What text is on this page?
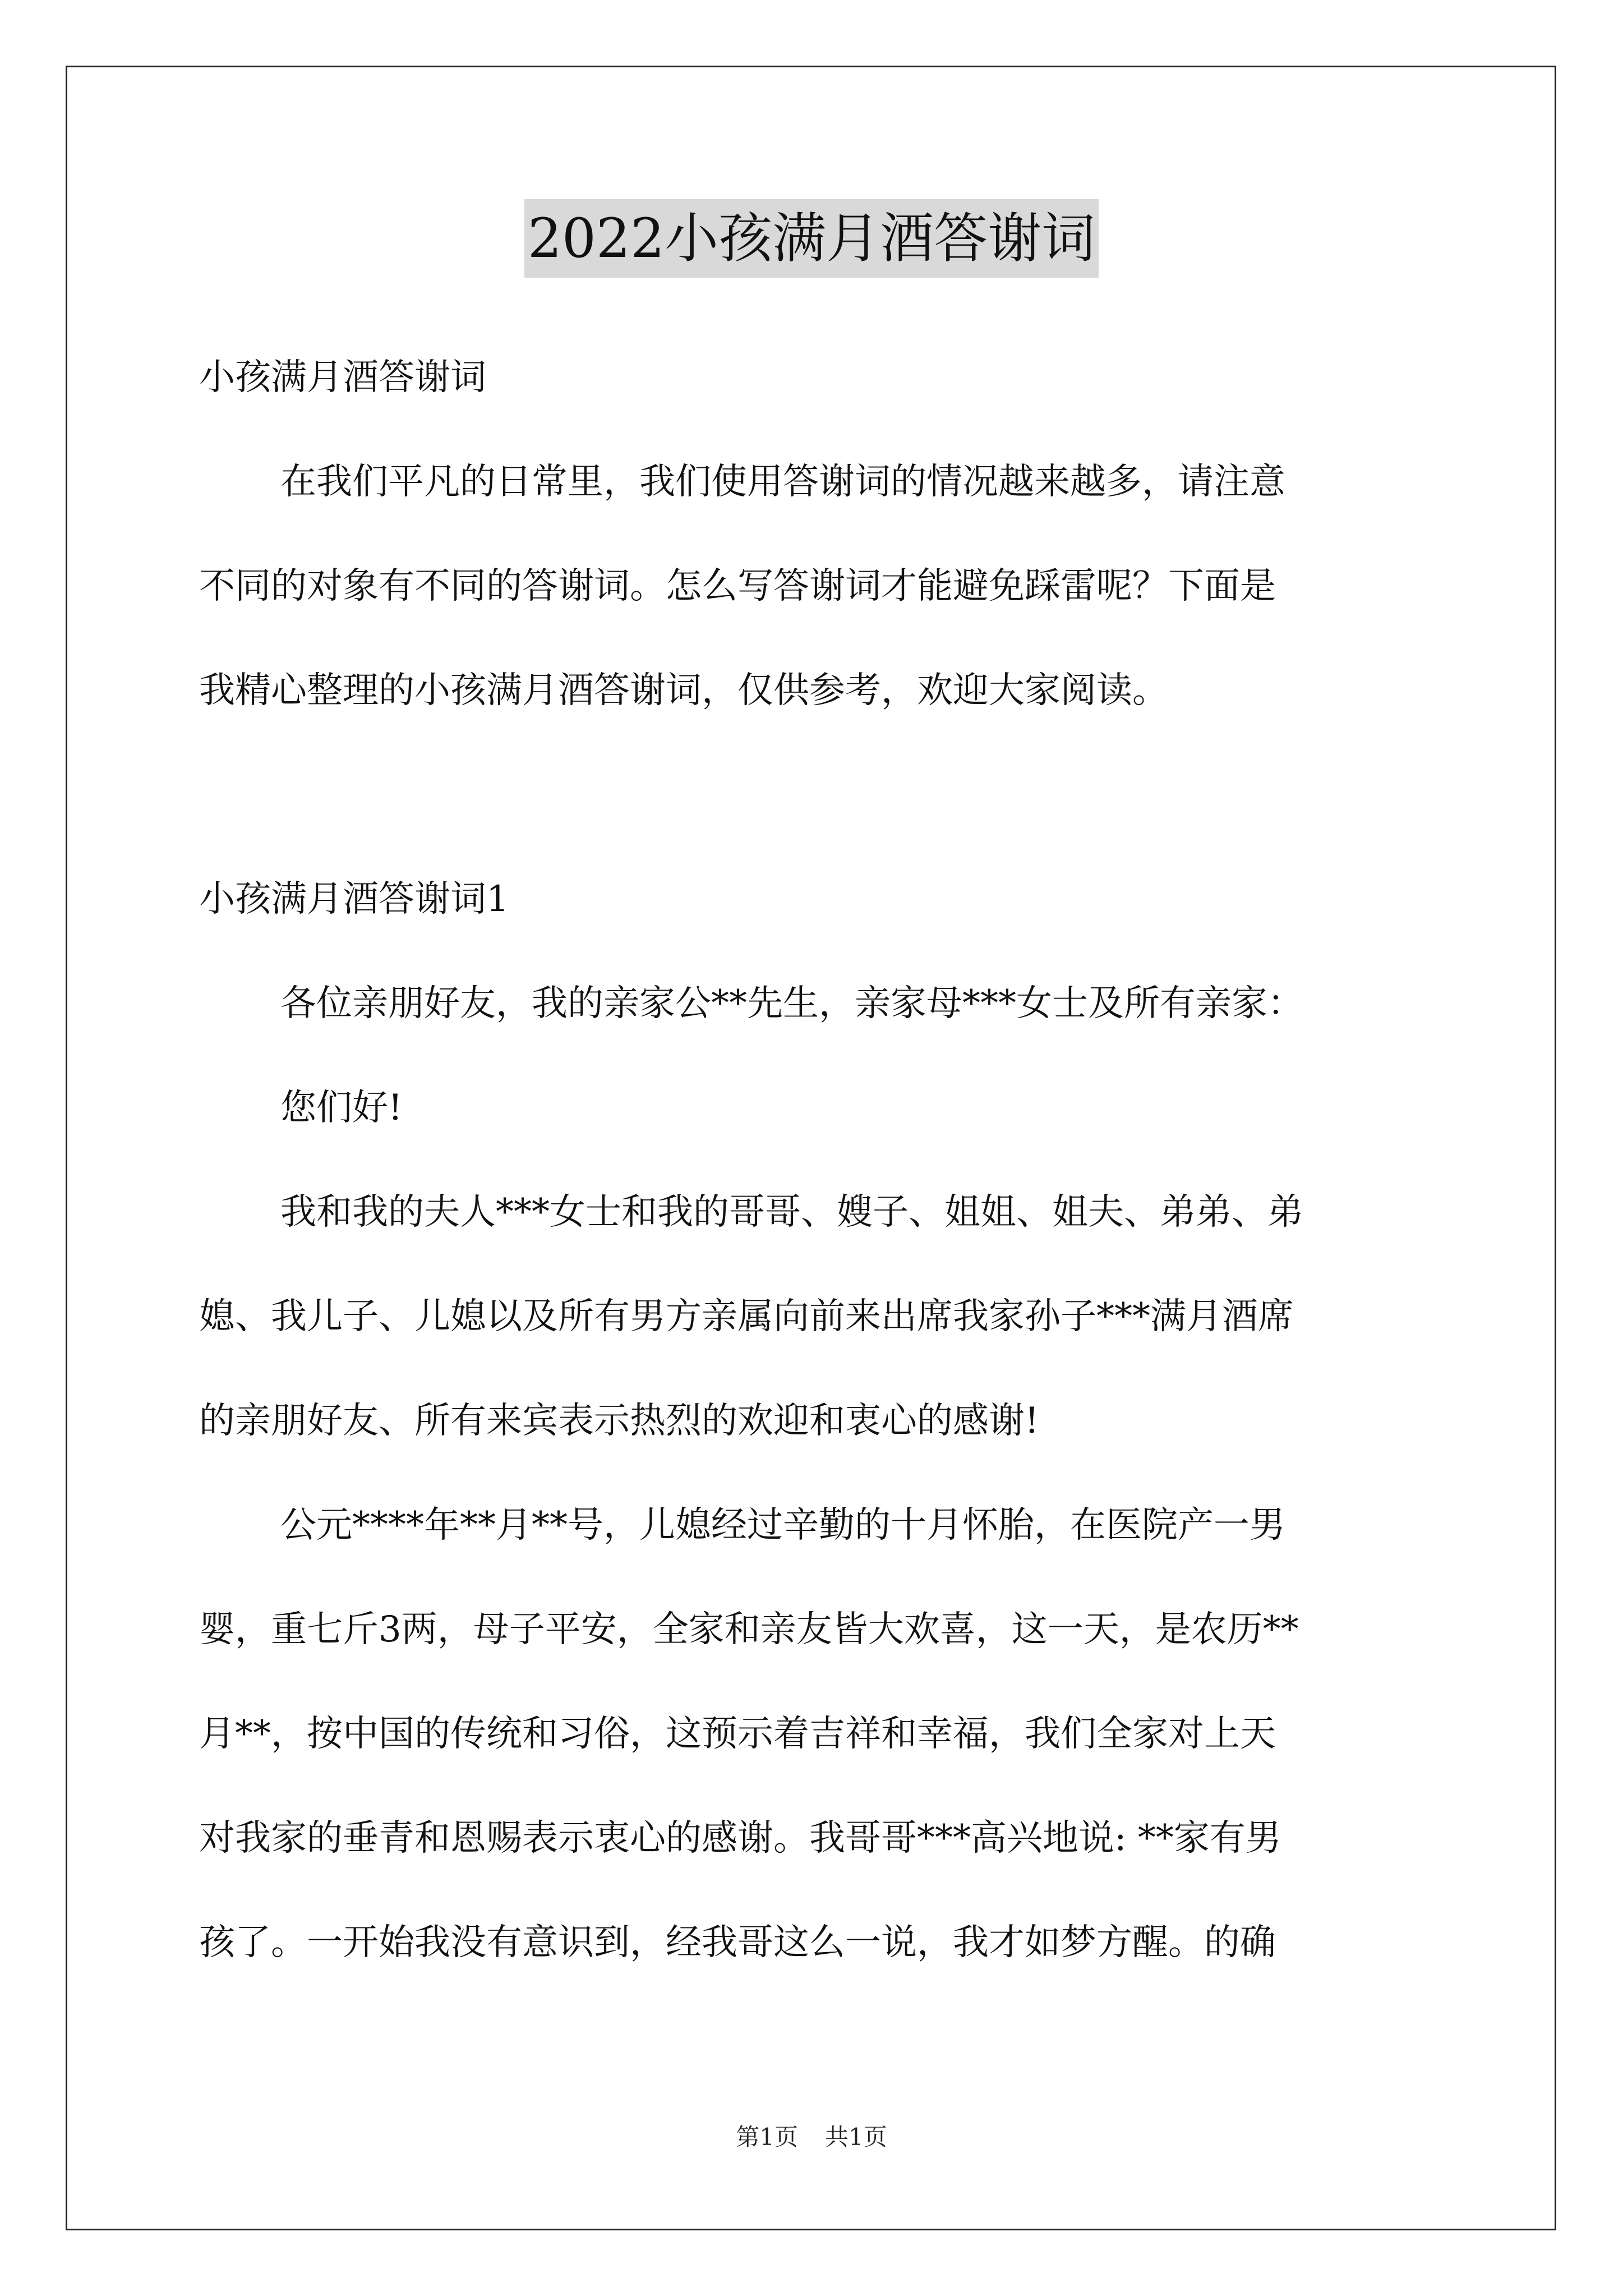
2022小孩满月酒答谢词
小孩满月酒答谢词
在我们平凡的日常里，我们使用答谢词的情况越来越多，请注意
不同的对象有不同的答谢词。怎么写答谢词才能避免踩雷呢？下面是
我精心整理的小孩满月酒答谢词，仅供参考，欢迎大家阅读。
小孩满月酒答谢词1
各位亲朋好友，我的亲家公**先生，亲家母***女士及所有亲家：
您们好!
我和我的夫人***女士和我的哥哥、嫂子、姐姐、姐夫、弟弟、弟
媳、我儿子、儿媳以及所有男方亲属向前来出席我家孙子***满月酒席
的亲朋好友、所有来宾表示热烈的欢迎和衷心的感谢!
公元****年**月**号，儿媳经过辛勤的十月怀胎，在医院产一男
婴，重七斤3两，母子平安，全家和亲友皆大欢喜，这一天，是农历**
月**，按中国的传统和习俗，这预示着吉祥和幸福，我们全家对上天
对我家的垂青和恩赐表示衷心的感谢。我哥哥***高兴地说: **家有男
孩了。一开始我没有意识到，经我哥这么一说，我才如梦方醒。的确
第1页 共1页
